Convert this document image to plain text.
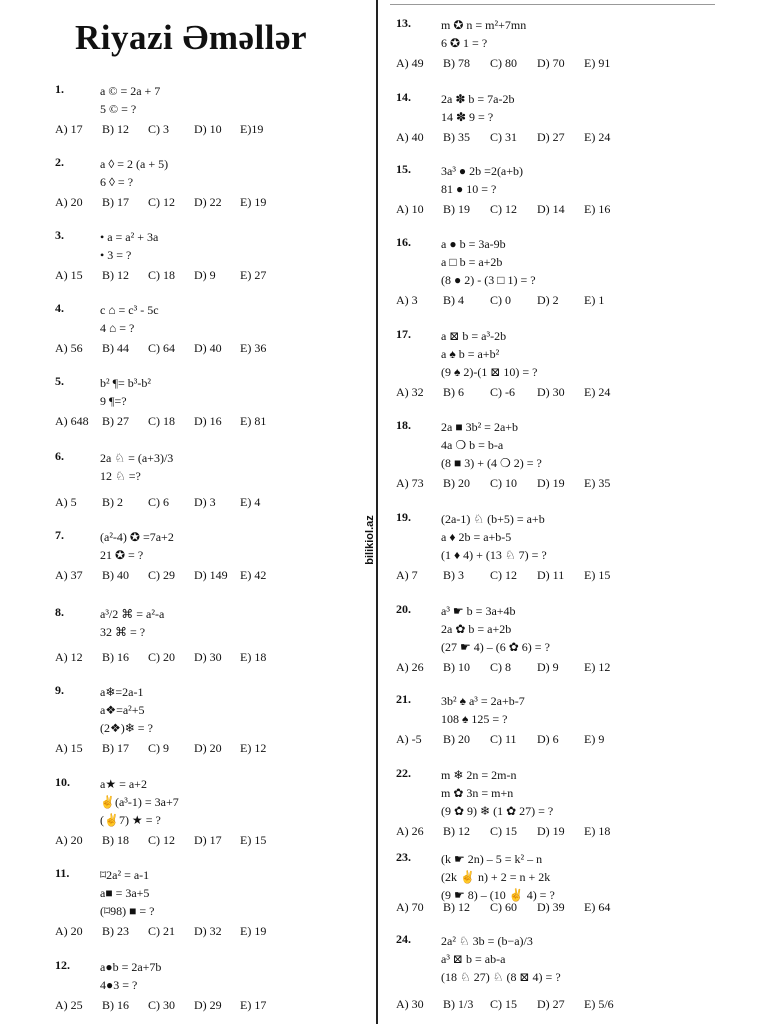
Riyazi Əməllər
bilikiol.az
1.	a © = 2a + 7
5 © = ?
A) 17 B) 12 C) 3 D) 10 E)19
2.	a ◊ = 2 (a + 5)
6 ◊ = ?
A) 20 B) 17 C) 12 D) 22 E) 19
3.	• a = a² + 3a
• 3 = ?
A) 15 B) 12 C) 18 D) 9 E) 27
4.	c ⌂ = c³ - 5c
4 ⌂ = ?
A) 56 B) 44 C) 64 D) 40 E) 36
5.	b² ¶= b³-b²
9 ¶=?
A) 648 B) 27 C) 18 D) 16 E) 81
6.	2a ♘ = (a+3)/3
12 ♘ =?
A) 5 B) 2 C) 6 D) 3 E) 4
7.	(a²-4) ✪ =7a+2
21 ✪ = ?
A) 37 B) 40 C) 29 D) 149 E) 42
8.	a³/2 ⌘ = a²-a
32 ⌘ = ?
A) 12 B) 16 C) 20 D) 30 E) 18
9.	a❄=2a-1
a❖=a²+5
(2❖)❄ = ?
A) 15 B) 17 C) 9 D) 20 E) 12
10.	a★ = a+2
✌(a³-1) = 3a+7
(✌7) ★ = ?
A) 20 B) 18 C) 12 D) 17 E) 15
11.	⌑2a² = a-1
a■ = 3a+5
(⌑98) ■ = ?
A) 20 B) 23 C) 21 D) 32 E) 19
12.	a●b = 2a+7b
4●3 = ?
A) 25 B) 16 C) 30 D) 29 E) 17
13.	m ✪ n = m²+7mn
6 ✪ 1 = ?
A) 49 B) 78 C) 80 D) 70 E) 91
14.	2a ✽ b = 7a-2b
14 ✽ 9 = ?
A) 40 B) 35 C) 31 D) 27 E) 24
15.	3a³ ● 2b =2(a+b)
81 ● 10 = ?
A) 10 B) 19 C) 12 D) 14 E) 16
16.	a ● b = 3a-9b
a □ b = a+2b
(8 ● 2) - (3 □ 1) = ?
A) 3 B) 4 C) 0 D) 2 E) 1
17.	a ⊠ b = a³-2b
a ♠ b = a+b²
(9 ♠ 2)-(1 ⊠ 10) = ?
A) 32 B) 6 C) -6 D) 30 E) 24
18.	2a ■ 3b² = 2a+b
4a ❍ b = b-a
(8 ■ 3) + (4 ❍ 2) = ?
A) 73 B) 20 C) 10 D) 19 E) 35
19.	(2a-1) ♘ (b+5) = a+b
a ♦ 2b = a+b-5
(1 ♦ 4) + (13 ♘ 7) = ?
A) 7 B) 3 C) 12 D) 11 E) 15
20.	a³ ☛ b = 3a+4b
2a ✿ b = a+2b
(27 ☛ 4) – (6 ✿ 6) = ?
A) 26 B) 10 C) 8 D) 9 E) 12
21.	3b² ♠ a³ = 2a+b-7
108 ♠ 125 = ?
A) -5 B) 20 C) 11 D) 6 E) 9
22.	m ❄ 2n = 2m-n
m ✿ 3n = m+n
(9 ✿ 9) ❄ (1 ✿ 27) = ?
A) 26 B) 12 C) 15 D) 19 E) 18
23.	(k ☛ 2n) – 5 = k² – n
(2k ✌ n) + 2 = n + 2k
(9 ☛ 8) – (10 ✌ 4) = ?
A) 70 B) 12 C) 60 D) 39 E) 64
24.	2a² ♘ 3b = (b−a)/3
a³ ⊠ b = ab-a
(18 ♘ 27) ♘ (8 ⊠ 4) = ?
A) 30 B) 1/3 C) 15 D) 27 E) 5/6
